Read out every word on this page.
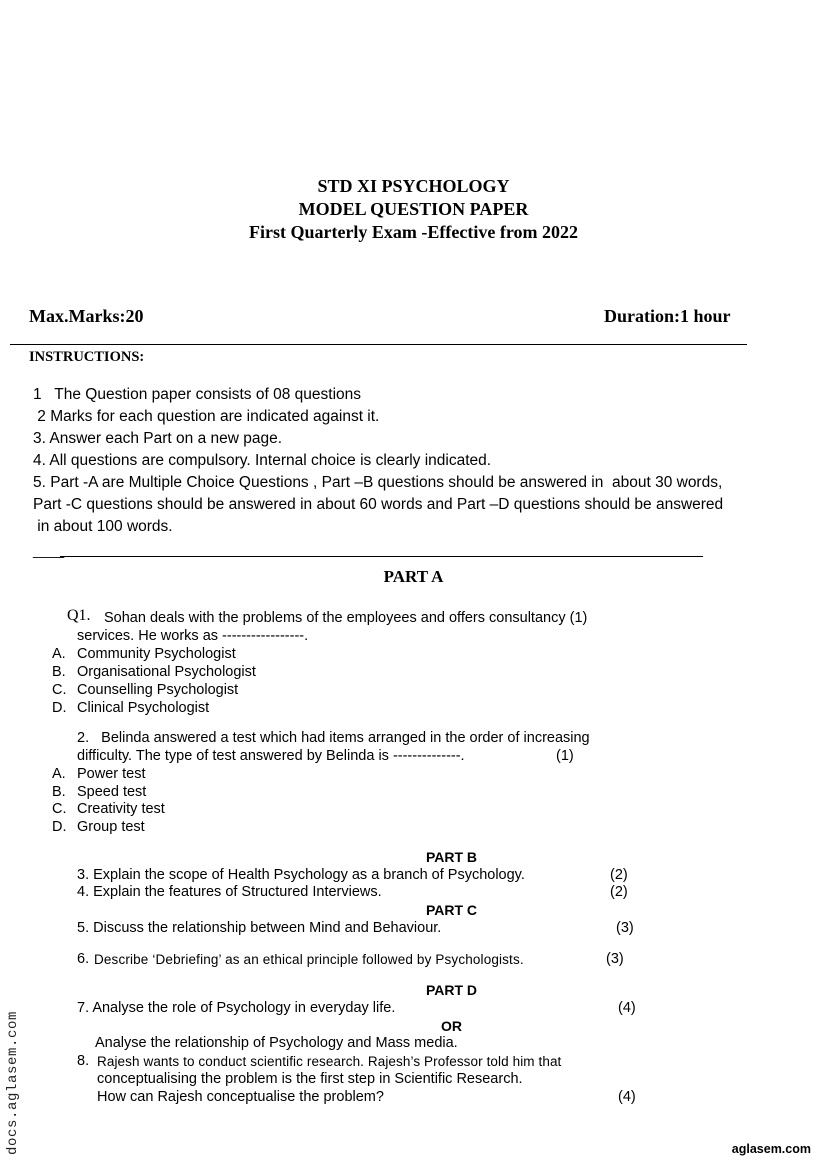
STD XI PSYCHOLOGY
MODEL QUESTION PAPER
First Quarterly Exam -Effective from 2022
Max.Marks:20	Duration:1 hour
INSTRUCTIONS:
1   The Question paper consists of 08 questions
2 Marks for each question are indicated against it.
3. Answer each Part on a new page.
4. All questions are compulsory. Internal choice is clearly indicated.
5. Part -A are Multiple Choice Questions , Part –B questions should be answered in  about 30 words,
Part -C questions should be answered in about 60 words and Part –D questions should be answered
in about 100 words.
____
PART A
Q1. Sohan deals with the problems of the employees and offers consultancy (1)
services. He works as -----------------.
A. Community Psychologist
B. Organisational Psychologist
C. Counselling Psychologist
D. Clinical Psychologist
2.   Belinda answered a test which had items arranged in the order of increasing
difficulty. The type of test answered by Belinda is --------------.	(1)
A. Power test
B. Speed test
C. Creativity test
D. Group test
PART B
3. Explain the scope of Health Psychology as a branch of Psychology.	(2)
4. Explain the features of Structured Interviews.	(2)
PART C
5. Discuss the relationship between Mind and Behaviour.	(3)
6. Describe ‘Debriefing’ as an ethical principle followed by Psychologists.	(3)
PART D
7. Analyse the role of Psychology in everyday life.	(4)
OR
Analyse the relationship of Psychology and Mass media.
8. Rajesh wants to conduct scientific research. Rajesh’s Professor told him that
conceptualising the problem is the first step in Scientific Research.
How can Rajesh conceptualise the problem?	(4)
docs.aglasem.com	aglasem.com
